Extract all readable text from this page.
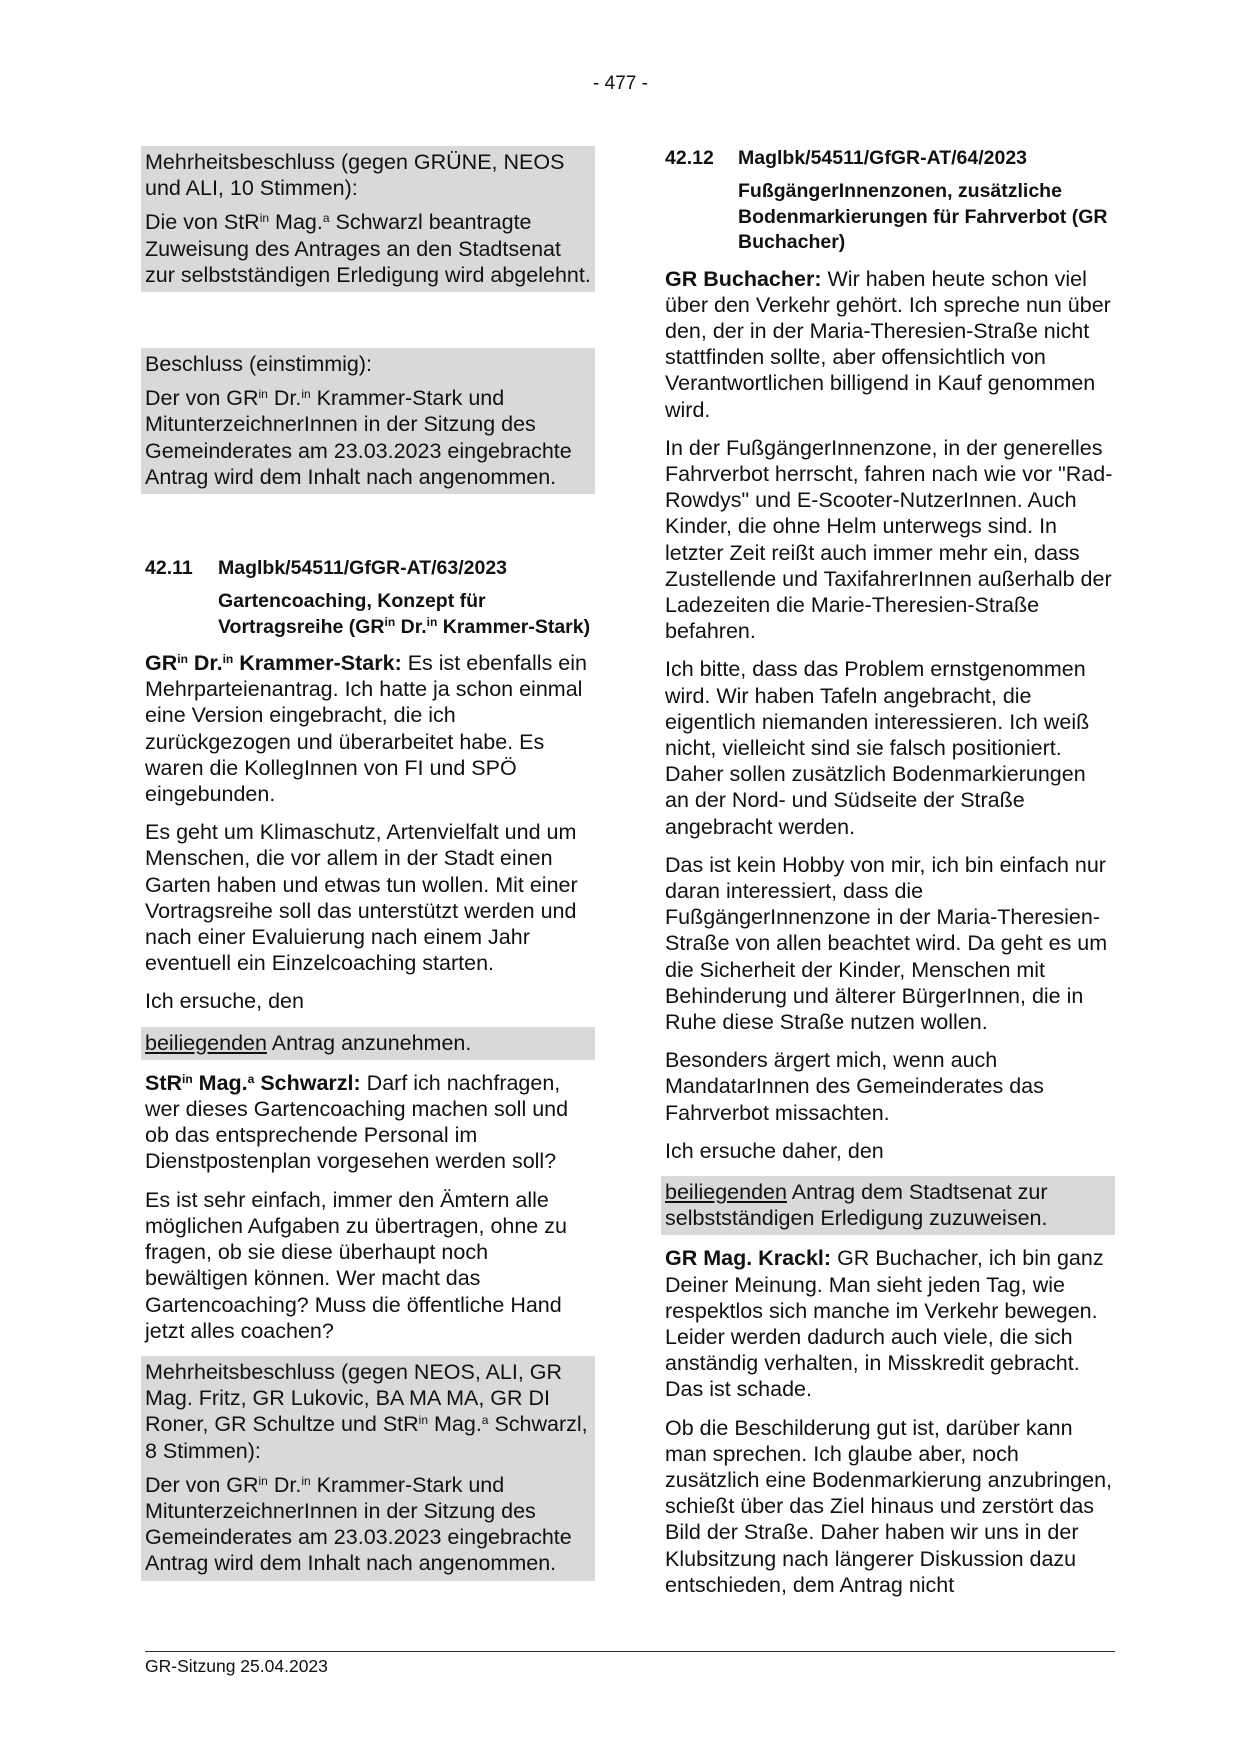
- 477 -

Mehrheitsbeschluss (gegen GRÜNE, NEOS und ALI, 10 Stimmen):

Die von StR$^{in}$ Mag.$^a$ Schwarzl beantragte Zuweisung des Antrages an den Stadtsenat zur selbstständigen Erledigung wird abgelehnt.

Beschluss (einstimmig):

Der von $GR^{in}$ Dr.$^{in}$ Krammer-Stark und MitunterzeichnerInnen in der Sitzung des Gemeinderates am 23.03.2023 eingebrachte Antrag wird dem Inhalt nach angenommen.

42.11	Maglbk/54511/GfGR-AT/63/2023
Gartencoaching, Konzept für Vortragsreihe ($GR^{in}$ Dr.$^{in}$ Krammer-Stark)

$GR^{in}$ Dr.$^{in}$ Krammer-Stark: Es ist ebenfalls ein Mehrparteienantrag. Ich hatte ja schon einmal eine Version eingebracht, die ich zurückgezogen und überarbeitet habe. Es waren die KollegInnen von FI und SPÖ eingebunden.

Es geht um Klimaschutz, Artenvielfalt und um Menschen, die vor allem in der Stadt einen Garten haben und etwas tun wollen. Mit einer Vortragsreihe soll das unterstützt werden und nach einer Evaluierung nach einem Jahr eventuell ein Einzelcoaching starten.

Ich ersuche, den

beiliegenden Antrag anzunehmen.

StR$^{in}$ Mag.$^a$ Schwarzl: Darf ich nachfragen, wer dieses Gartencoaching machen soll und ob das entsprechende Personal im Dienstpostenplan vorgesehen werden soll?

Es ist sehr einfach, immer den Ämtern alle möglichen Aufgaben zu übertragen, ohne zu fragen, ob sie diese überhaupt noch bewältigen können. Wer macht das Gartencoaching? Muss die öffentliche Hand jetzt alles coachen?

Mehrheitsbeschluss (gegen NEOS, ALI, GR Mag. Fritz, GR Lukovic, BA MA MA, GR DI Roner, GR Schultze und StR$^{in}$ Mag.$^a$ Schwarzl, 8 Stimmen):

Der von $GR^{in}$ Dr.$^{in}$ Krammer-Stark und MitunterzeichnerInnen in der Sitzung des Gemeinderates am 23.03.2023 eingebrachte Antrag wird dem Inhalt nach angenommen.

42.12	Maglbk/54511/GfGR-AT/64/2023
FußgängerInnenzonen, zusätzliche Bodenmarkierungen für Fahrverbot (GR Buchacher)

GR Buchacher: Wir haben heute schon viel über den Verkehr gehört. Ich spreche nun über den, der in der Maria-Theresien-Straße nicht stattfinden sollte, aber offensichtlich von Verantwortlichen billigend in Kauf genommen wird.

In der FußgängerInnenzone, in der generelles Fahrverbot herrscht, fahren nach wie vor "Rad-Rowdys" und E-Scooter-NutzerInnen. Auch Kinder, die ohne Helm unterwegs sind. In letzter Zeit reißt auch immer mehr ein, dass Zustellende und TaxifahrerInnen außerhalb der Ladezeiten die Marie-Theresien-Straße befahren.

Ich bitte, dass das Problem ernstgenommen wird. Wir haben Tafeln angebracht, die eigentlich niemanden interessieren. Ich weiß nicht, vielleicht sind sie falsch positioniert. Daher sollen zusätzlich Bodenmarkierungen an der Nord- und Südseite der Straße angebracht werden.

Das ist kein Hobby von mir, ich bin einfach nur daran interessiert, dass die FußgängerInnenzone in der Maria-Theresien-Straße von allen beachtet wird. Da geht es um die Sicherheit der Kinder, Menschen mit Behinderung und älterer BürgerInnen, die in Ruhe diese Straße nutzen wollen.

Besonders ärgert mich, wenn auch MandatarInnen des Gemeinderates das Fahrverbot missachten.

Ich ersuche daher, den

beiliegenden Antrag dem Stadtsenat zur selbstständigen Erledigung zuzuweisen.

GR Mag. Krackl: GR Buchacher, ich bin ganz Deiner Meinung. Man sieht jeden Tag, wie respektlos sich manche im Verkehr bewegen. Leider werden dadurch auch viele, die sich anständig verhalten, in Misskredit gebracht. Das ist schade.

Ob die Beschilderung gut ist, darüber kann man sprechen. Ich glaube aber, noch zusätzlich eine Bodenmarkierung anzubringen, schießt über das Ziel hinaus und zerstört das Bild der Straße. Daher haben wir uns in der Klubsitzung nach längerer Diskussion dazu entschieden, dem Antrag nicht

GR-Sitzung 25.04.2023
